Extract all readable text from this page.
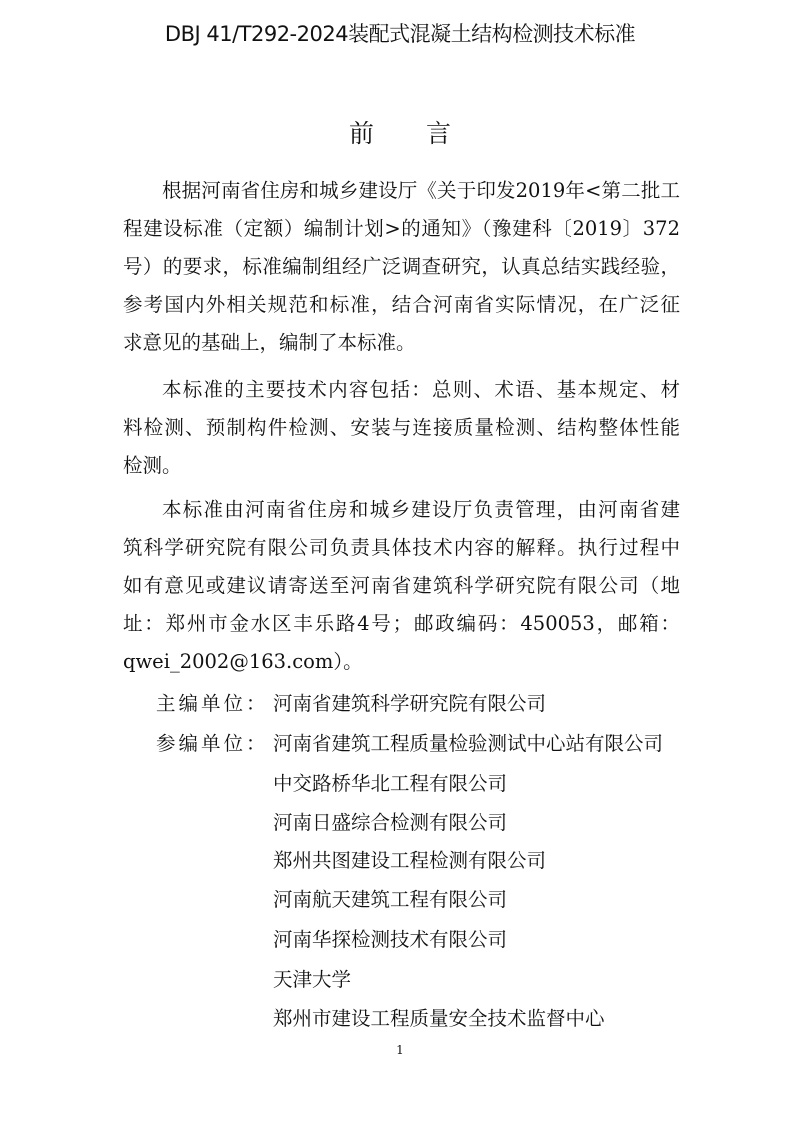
DBJ 41/T292-2024装配式混凝土结构检测技术标准
前言
根据河南省住房和城乡建设厅《关于印发2019年<第二批工
程建设标准（定额）编制计划>的通知》（豫建科〔2019〕372
号）的要求，标准编制组经广泛调查研究，认真总结实践经验，
参考国内外相关规范和标准，结合河南省实际情况，在广泛征
求意见的基础上，编制了本标准。
本标准的主要技术内容包括：总则、术语、基本规定、材
料检测、预制构件检测、安装与连接质量检测、结构整体性能
检测。
本标准由河南省住房和城乡建设厅负责管理，由河南省建
筑科学研究院有限公司负责具体技术内容的解释。执行过程中
如有意见或建议请寄送至河南省建筑科学研究院有限公司（地
址：郑州市金水区丰乐路4号；邮政编码：450053，邮箱：
qwei_2002@163.com）。
主编单位： 河南省建筑科学研究院有限公司
参编单位： 河南省建筑工程质量检验测试中心站有限公司
中交路桥华北工程有限公司
河南日盛综合检测有限公司
郑州共图建设工程检测有限公司
河南航天建筑工程有限公司
河南华探检测技术有限公司
天津大学
郑州市建设工程质量安全技术监督中心
1
